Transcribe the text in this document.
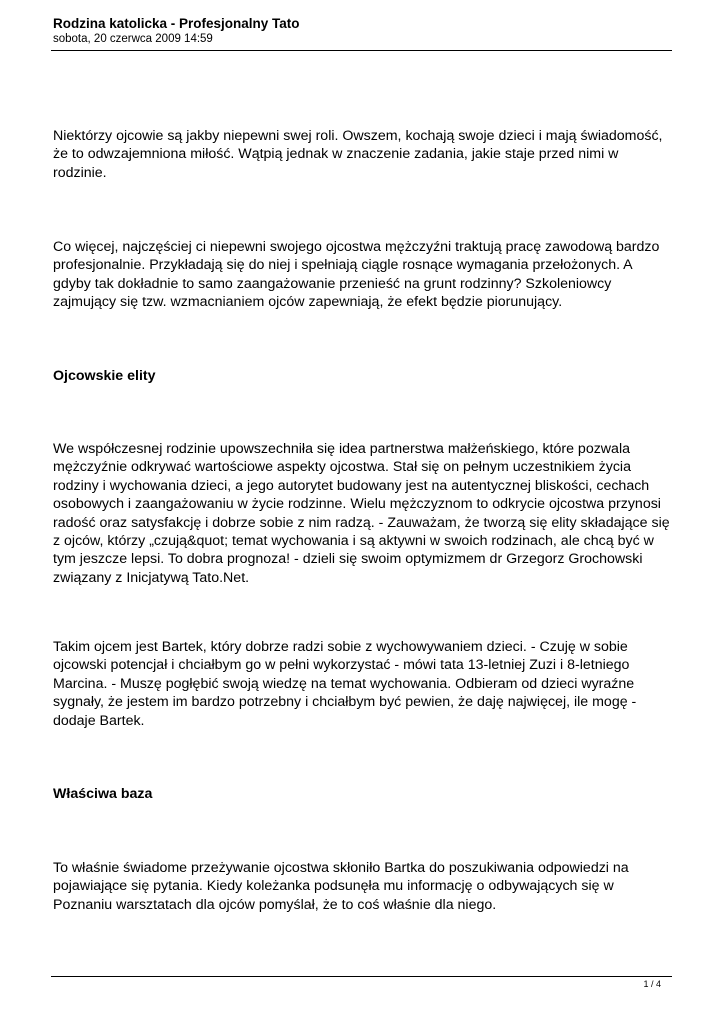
Rodzina katolicka - Profesjonalny Tato

sobota, 20 czerwca 2009 14:59

Niektórzy ojcowie są jakby niepewni swej roli. Owszem, kochają swoje dzieci i mają świadomość, że to odwzajemniona miłość. Wątpią jednak w znaczenie zadania, jakie staje przed nimi w rodzinie.

Co więcej, najczęściej ci niepewni swojego ojcostwa mężczyźni traktują pracę zawodową bardzo profesjonalnie. Przykładają się do niej i spełniają ciągle rosnące wymagania przełożonych. A gdyby tak dokładnie to samo zaangażowanie przenieść na grunt rodzinny? Szkoleniowcy zajmujący się tzw. wzmacnianiem ojców zapewniają, że efekt będzie piorunujący.

Ojcowskie elity

We współczesnej rodzinie upowszechniła się idea partnerstwa małżeńskiego, które pozwala mężczyźnie odkrywać wartościowe aspekty ojcostwa. Stał się on pełnym uczestnikiem życia rodziny i wychowania dzieci, a jego autorytet budowany jest na autentycznej bliskości, cechach osobowych i zaangażowaniu w życie rodzinne. Wielu mężczyznom to odkrycie ojcostwa przynosi radość oraz satysfakcję i dobrze sobie z nim radzą. - Zauważam, że tworzą się elity składające się z ojców, którzy „czują&quot; temat wychowania i są aktywni w swoich rodzinach, ale chcą być w tym jeszcze lepsi. To dobra prognoza! - dzieli się swoim optymizmem dr Grzegorz Grochowski związany z Inicjatywą Tato.Net.

Takim ojcem jest Bartek, który dobrze radzi sobie z wychowywaniem dzieci. - Czuję w sobie ojcowski potencjał i chciałbym go w pełni wykorzystać - mówi tata 13-letniej Zuzi i 8-letniego Marcina. - Muszę pogłębić swoją wiedzę na temat wychowania. Odbieram od dzieci wyraźne sygnały, że jestem im bardzo potrzebny i chciałbym być pewien, że daję najwięcej, ile mogę - dodaje Bartek.

Właściwa baza

To właśnie świadome przeżywanie ojcostwa skłoniło Bartka do poszukiwania odpowiedzi na pojawiające się pytania. Kiedy koleżanka podsunęła mu informację o odbywających się w Poznaniu warsztatach dla ojców pomyślał, że to coś właśnie dla niego.

1 / 4
